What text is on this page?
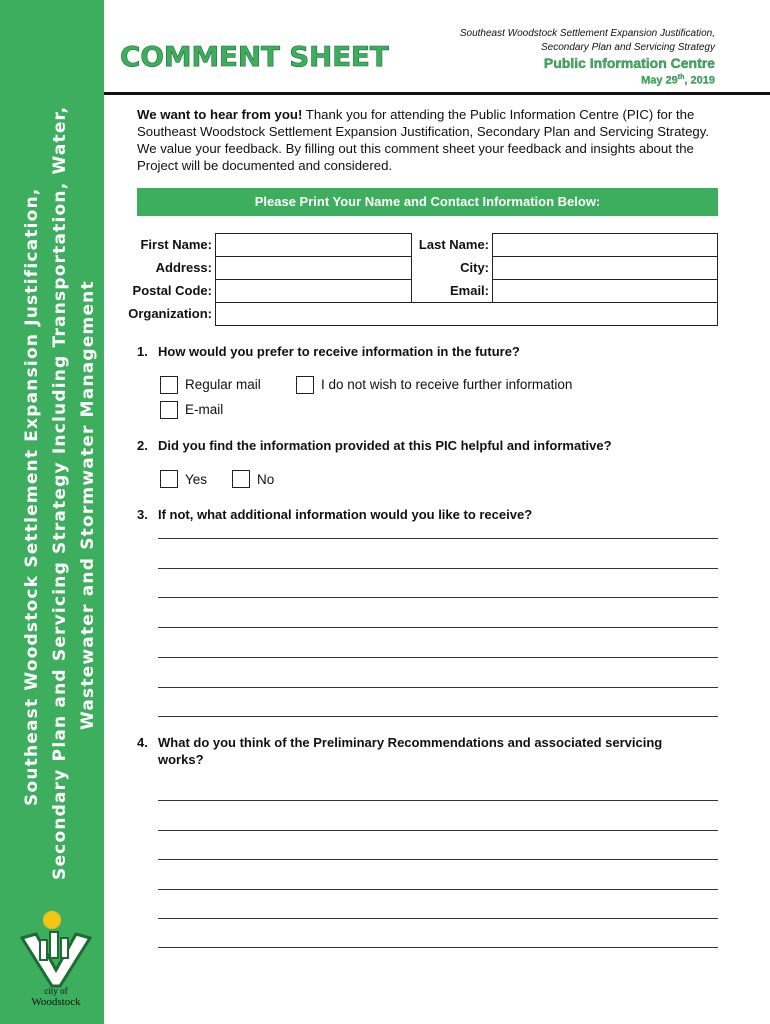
Southeast Woodstock Settlement Expansion Justification, Secondary Plan and Servicing Strategy Including Transportation, Water, Wastewater and Stormwater Management
city of
Woodstock
COMMENT SHEET
Southeast Woodstock Settlement Expansion Justification,
Secondary Plan and Servicing Strategy
Public Information Centre
May 29th, 2019
We want to hear from you! Thank you for attending the Public Information Centre (PIC) for the Southeast Woodstock Settlement Expansion Justification, Secondary Plan and Servicing Strategy. We value your feedback. By filling out this comment sheet your feedback and insights about the Project will be documented and considered.
Please Print Your Name and Contact Information Below:
First Name:	Last Name:
Address:	City:
Postal Code:	Email:
Organization:
1. How would you prefer to receive information in the future?
Regular mail	I do not wish to receive further information
E-mail
2. Did you find the information provided at this PIC helpful and informative?
Yes	No
3. If not, what additional information would you like to receive?
4. What do you think of the Preliminary Recommendations and associated servicing works?
